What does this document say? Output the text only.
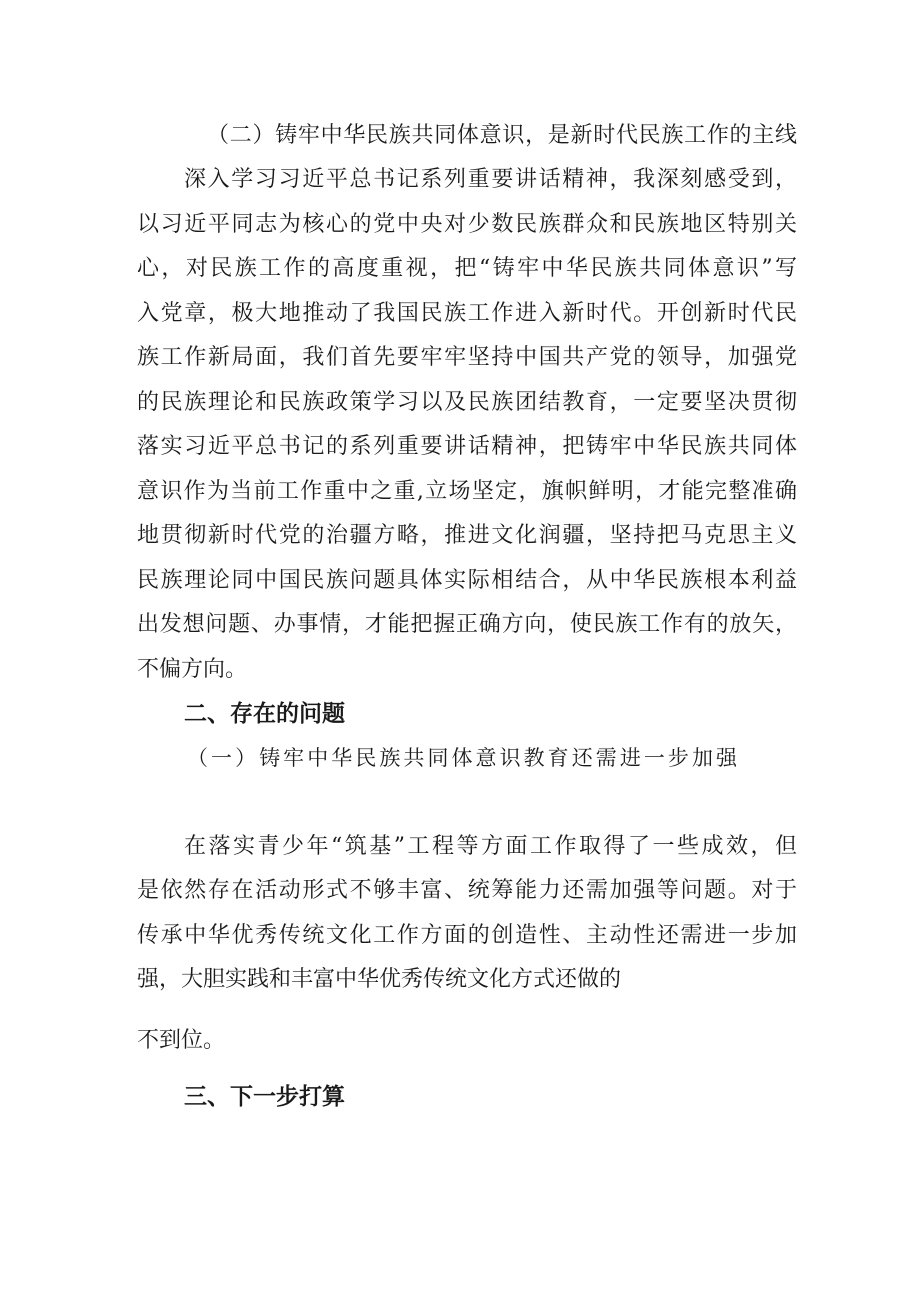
（二）铸牢中华民族共同体意识，是新时代民族工作的主线
深入学习习近平总书记系列重要讲话精神，我深刻感受到，
以习近平同志为核心的党中央对少数民族群众和民族地区特别关
心，对民族工作的高度重视，把“铸牢中华民族共同体意识”写
入党章，极大地推动了我国民族工作进入新时代。开创新时代民
族工作新局面，我们首先要牢牢坚持中国共产党的领导，加强党
的民族理论和民族政策学习以及民族团结教育，一定要坚决贯彻
落实习近平总书记的系列重要讲话精神，把铸牢中华民族共同体
意识作为当前工作重中之重,立场坚定，旗帜鲜明，才能完整准确
地贯彻新时代党的治疆方略，推进文化润疆，坚持把马克思主义
民族理论同中国民族问题具体实际相结合，从中华民族根本利益
出发想问题、办事情，才能把握正确方向，使民族工作有的放矢，
不偏方向。
二、存在的问题
（一）铸牢中华民族共同体意识教育还需进一步加强
在落实青少年“筑基”工程等方面工作取得了一些成效，但
是依然存在活动形式不够丰富、统筹能力还需加强等问题。对于
传承中华优秀传统文化工作方面的创造性、主动性还需进一步加
强，大胆实践和丰富中华优秀传统文化方式还做的
不到位。
三、下一步打算
